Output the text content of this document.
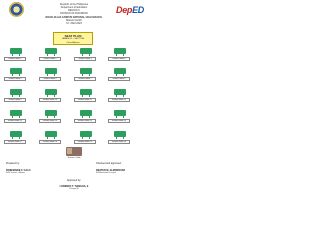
DepED
Republic of the Philippines
Department of Education
REGION X
DIVISION OF BUKIDNON
NOVALOLAIA CAMPUS NATIONAL HIGH SCHOOL
Manolo Fortich
SY. 2022-2023
SEAT PLAN
GRADE 11 - SECTION
Class Adviser
Student Name 1	Student Name 2	Student Name 3	Student Name 4
Student Name 5	Student Name 6	Student Name 7	Student Name 8
Student Name 9	Student Name 10	Student Name 11	Student Name 12
Student Name 13	Student Name 14	Student Name 15	Student Name 16
Student Name 17	Student Name 18	Student Name 19	Student Name 20
Teacher's Table
Prepared by:
ROSEMARIE F. CALO
SHS Teacher - Adviser
Checked and approved:
DEXTER M. ALMODOVAR
SHS Assistant Principal
Approved by:
LORENZO T. TIANGHA, E
Principal III
